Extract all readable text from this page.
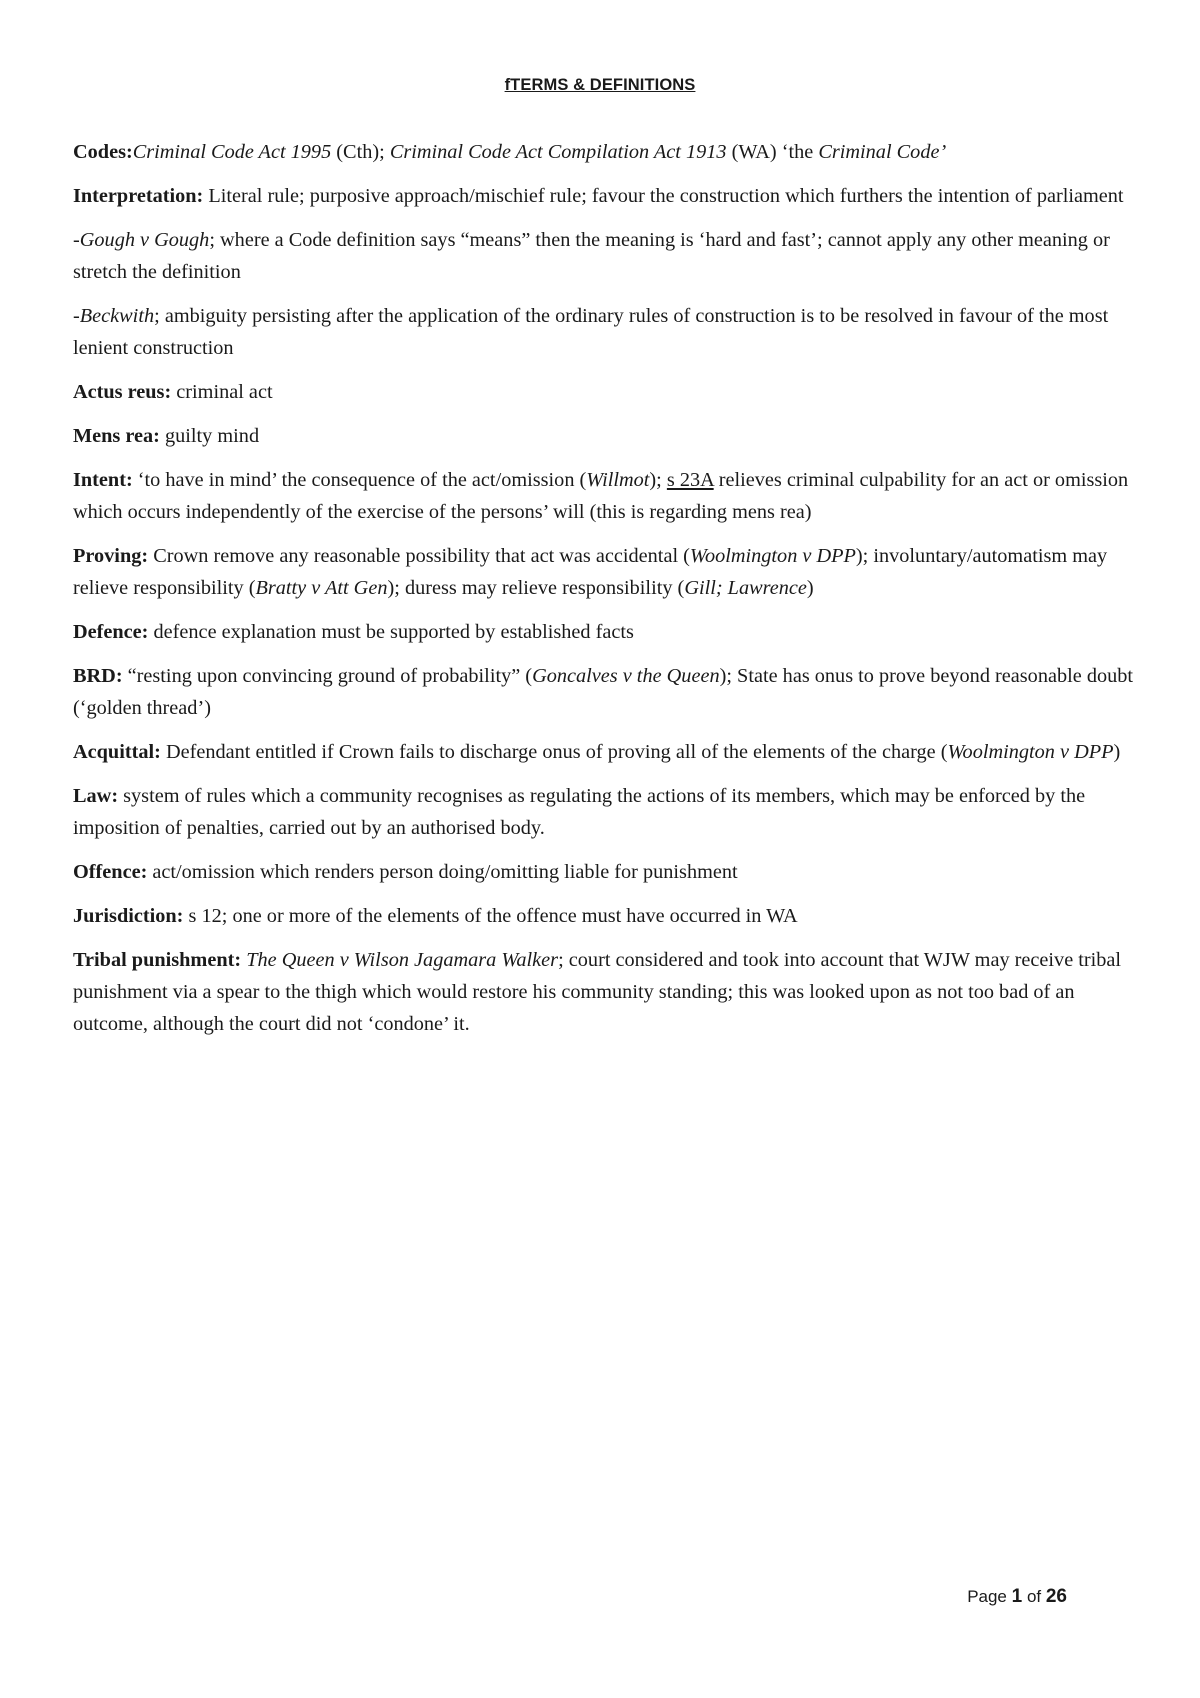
fTERMS & DEFINITIONS

Codes:Criminal Code Act 1995 (Cth); Criminal Code Act Compilation Act 1913 (WA) ‘the Criminal Code’

Interpretation: Literal rule; purposive approach/mischief rule; favour the construction which furthers the intention of parliament

-Gough v Gough; where a Code definition says “means” then the meaning is ‘hard and fast’; cannot apply any other meaning or stretch the definition

-Beckwith; ambiguity persisting after the application of the ordinary rules of construction is to be resolved in favour of the most lenient construction

Actus reus: criminal act

Mens rea: guilty mind

Intent: ‘to have in mind’ the consequence of the act/omission (Willmot); s 23A relieves criminal culpability for an act or omission which occurs independently of the exercise of the persons’ will (this is regarding mens rea)

Proving: Crown remove any reasonable possibility that act was accidental (Woolmington v DPP); involuntary/automatism may relieve responsibility (Bratty v Att Gen); duress may relieve responsibility (Gill; Lawrence)

Defence: defence explanation must be supported by established facts

BRD: “resting upon convincing ground of probability” (Goncalves v the Queen); State has onus to prove beyond reasonable doubt (‘golden thread’)

Acquittal: Defendant entitled if Crown fails to discharge onus of proving all of the elements of the charge (Woolmington v DPP)

Law: system of rules which a community recognises as regulating the actions of its members, which may be enforced by the imposition of penalties, carried out by an authorised body.

Offence: act/omission which renders person doing/omitting liable for punishment

Jurisdiction: s 12; one or more of the elements of the offence must have occurred in WA

Tribal punishment: The Queen v Wilson Jagamara Walker; court considered and took into account that WJW may receive tribal punishment via a spear to the thigh which would restore his community standing; this was looked upon as not too bad of an outcome, although the court did not ‘condone’ it.

Page 1 of 26
